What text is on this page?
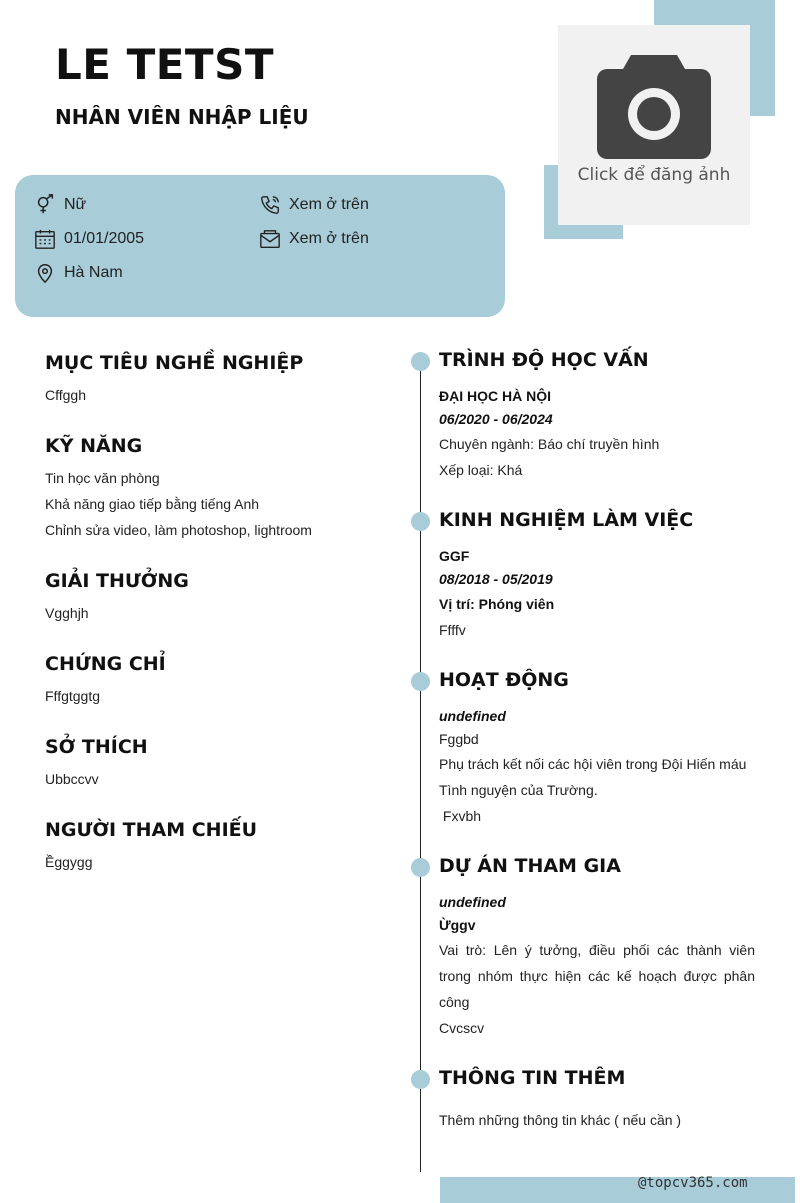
Click để đăng ảnh
LE TETST
NHÂN VIÊN NHẬP LIỆU
Nữ
01/01/2005
Hà Nam
Xem ở trên
Xem ở trên
MỤC TIÊU NGHỀ NGHIỆP
Cffggh
KỸ NĂNG
Tin học văn phòng
Khả năng giao tiếp bằng tiếng Anh
Chỉnh sửa video, làm photoshop, lightroom
GIẢI THƯỞNG
Vgghjh
CHỨNG CHỈ
Fffgtggtg
SỞ THÍCH
Ubbccvv
NGƯỜI THAM CHIẾU
Ềggygg
TRÌNH ĐỘ HỌC VẤN
ĐẠI HỌC HÀ NỘI
06/2020 - 06/2024
Chuyên ngành: Báo chí truyền hình
Xếp loại: Khá
KINH NGHIỆM LÀM VIỆC
GGF
08/2018 - 05/2019
Vị trí: Phóng viên
Ffffv
HOẠT ĐỘNG
undefined
Fggbd
Phụ trách kết nối các hội viên trong Đội Hiến máu Tình nguyện của Trường.
Fxvbh
DỰ ÁN THAM GIA
undefined
Ừggv
Vai trò: Lên ý tưởng, điều phối các thành viên trong nhóm thực hiện các kế hoạch được phân công
Cvcscv
THÔNG TIN THÊM
Thêm những thông tin khác ( nếu cần )
@topcv365.com
